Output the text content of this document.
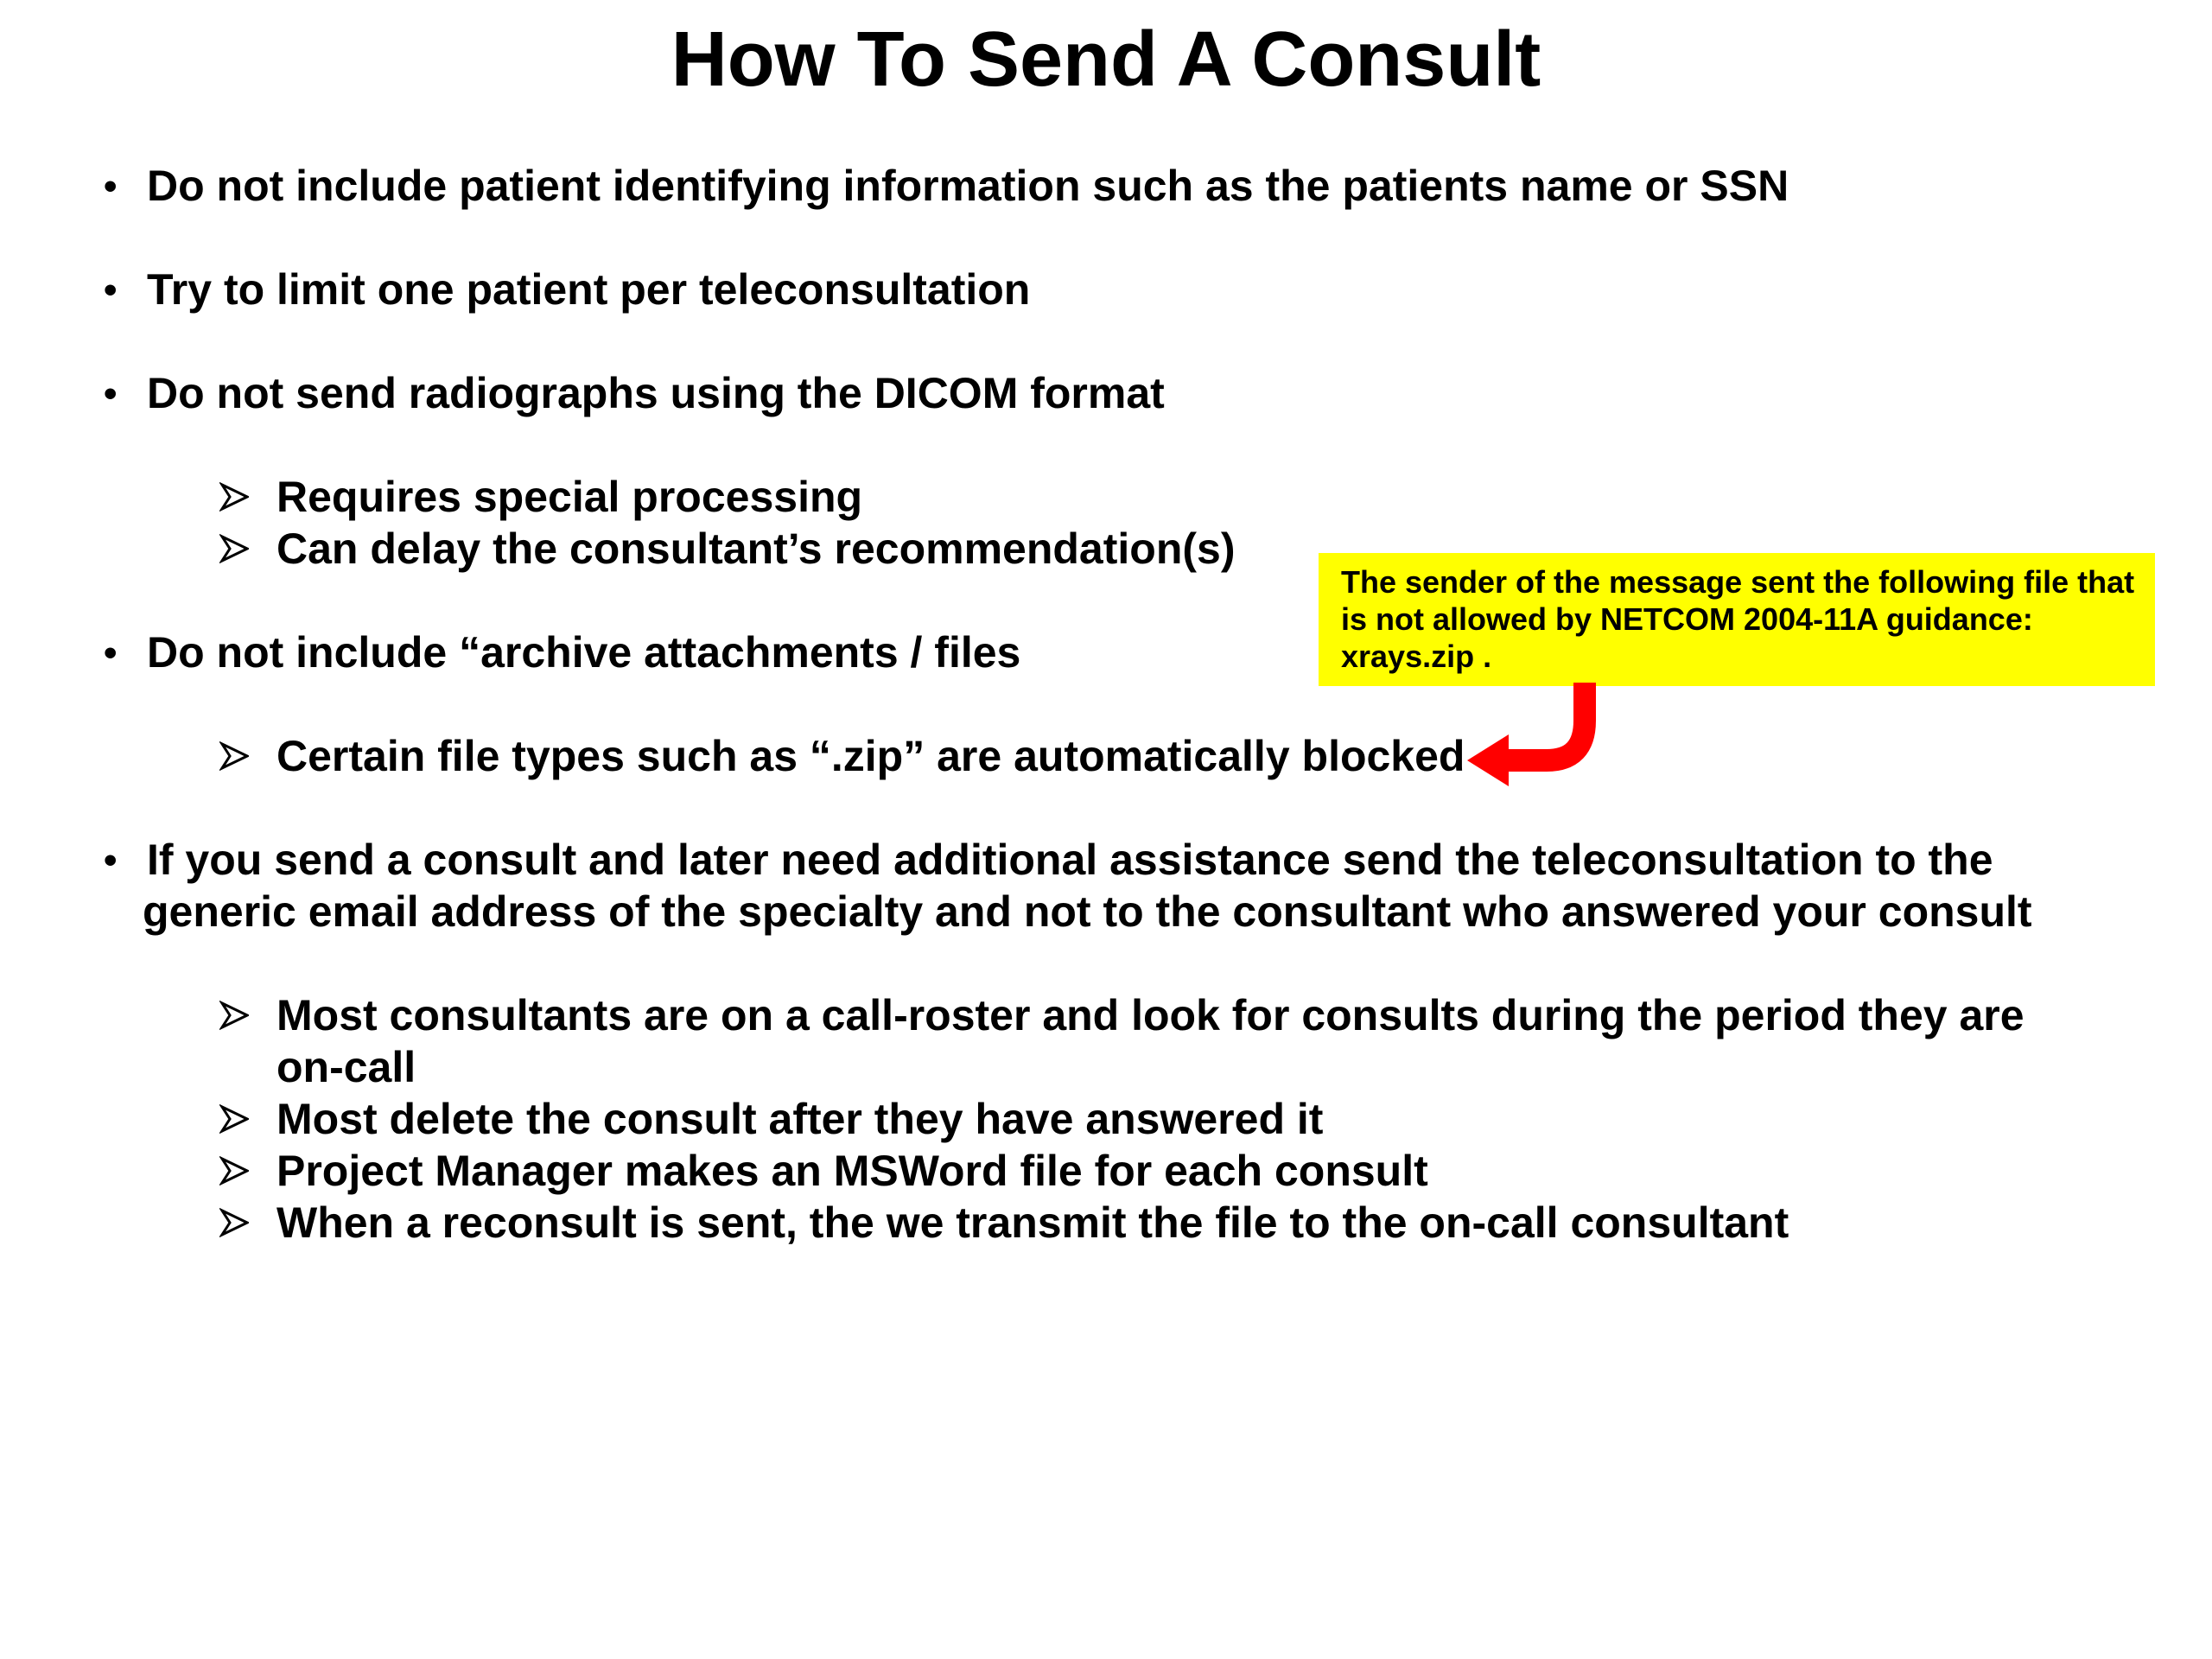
How To Send A Consult
• Do not include patient identifying information such as the patients name or SSN
• Try to limit one patient per teleconsultation
• Do not send radiographs using the DICOM format
Requires special processing
Can delay the consultant’s recommendation(s)
• Do not include “archive attachments / files
Certain file types such as “.zip” are automatically blocked
• If you send a consult and later need additional assistance send the teleconsultation to the
generic email address of the specialty and not to the consultant who answered your consult
Most consultants are on a call-roster and look for consults during the period they are
on-call
Most delete the consult after they have answered it
Project Manager makes an MSWord file for each consult
When a reconsult is sent, the we transmit the file to the on-call consultant
The sender of the message sent the following file that
is not allowed by NETCOM 2004-11A guidance:
xrays.zip .
